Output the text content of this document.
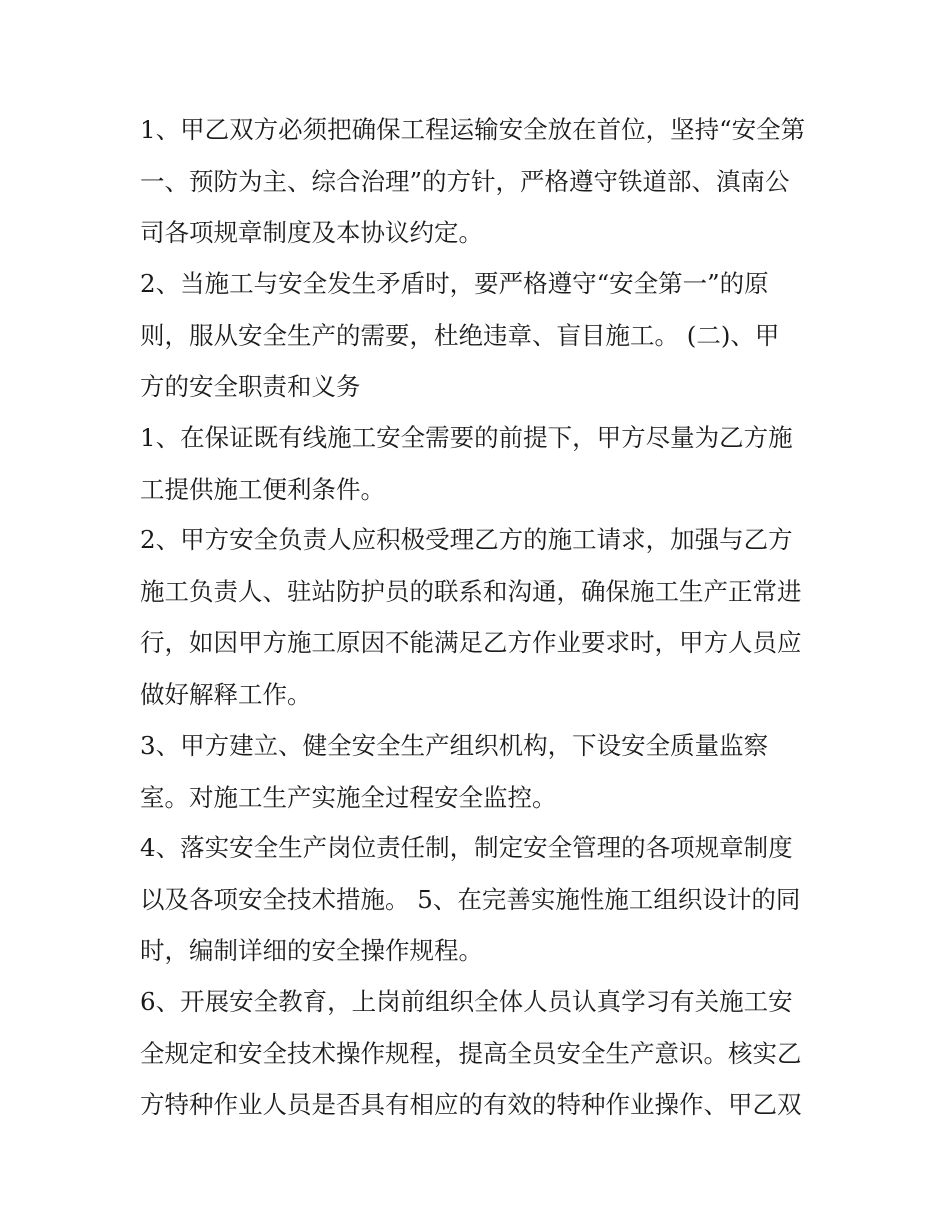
1、甲乙双方必须把确保工程运输安全放在首位，坚持“安全第
一、预防为主、综合治理”的方针，严格遵守铁道部、滇南公
司各项规章制度及本协议约定。
2、当施工与安全发生矛盾时，要严格遵守“安全第一”的原
则，服从安全生产的需要，杜绝违章、盲目施工。 (二)、甲
方的安全职责和义务
1、在保证既有线施工安全需要的前提下，甲方尽量为乙方施
工提供施工便利条件。
2、甲方安全负责人应积极受理乙方的施工请求，加强与乙方
施工负责人、驻站防护员的联系和沟通，确保施工生产正常进
行，如因甲方施工原因不能满足乙方作业要求时，甲方人员应
做好解释工作。
3、甲方建立、健全安全生产组织机构，下设安全质量监察
室。对施工生产实施全过程安全监控。
4、落实安全生产岗位责任制，制定安全管理的各项规章制度
以及各项安全技术措施。 5、在完善实施性施工组织设计的同
时，编制详细的安全操作规程。
6、开展安全教育，上岗前组织全体人员认真学习有关施工安
全规定和安全技术操作规程，提高全员安全生产意识。核实乙
方特种作业人员是否具有相应的有效的特种作业操作、甲乙双
